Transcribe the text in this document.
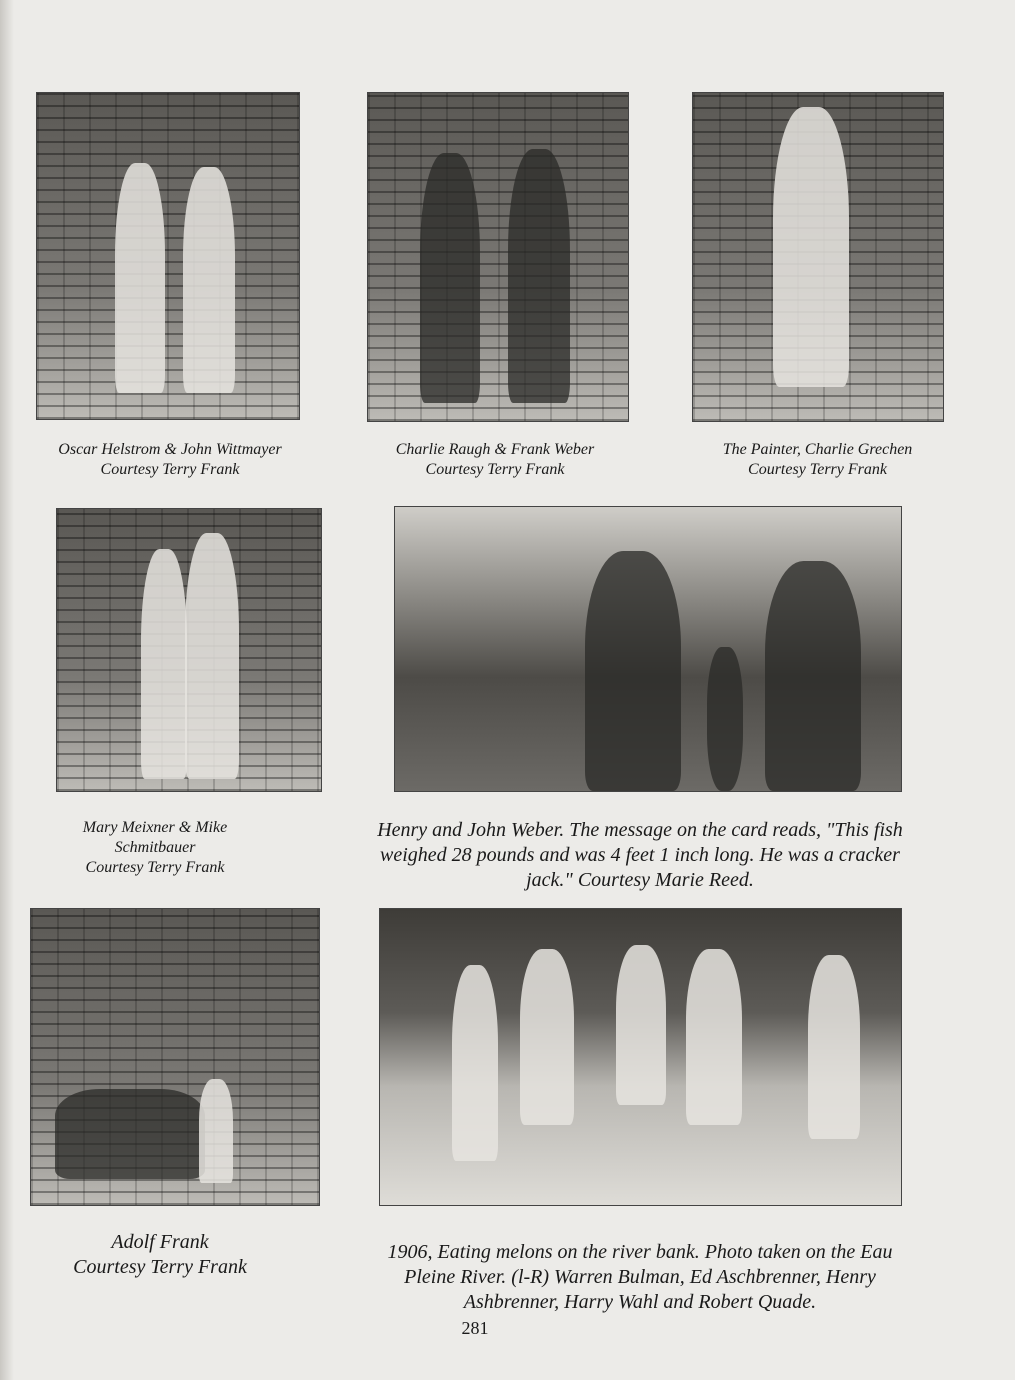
Oscar Helstrom & John Wittmayer
Courtesy Terry Frank
Charlie Raugh & Frank Weber
Courtesy Terry Frank
The Painter, Charlie Grechen
Courtesy Terry Frank
Mary Meixner & Mike
Schmitbauer
Courtesy Terry Frank
Henry and John Weber. The message on the card reads, "This fish
weighed 28 pounds and was 4 feet 1 inch long. He was a cracker
jack." Courtesy Marie Reed.
Adolf Frank
Courtesy Terry Frank
1906, Eating melons on the river bank. Photo taken on the Eau
Pleine River. (l-R) Warren Bulman, Ed Aschbrenner, Henry
Ashbrenner, Harry Wahl and Robert Quade.
281
